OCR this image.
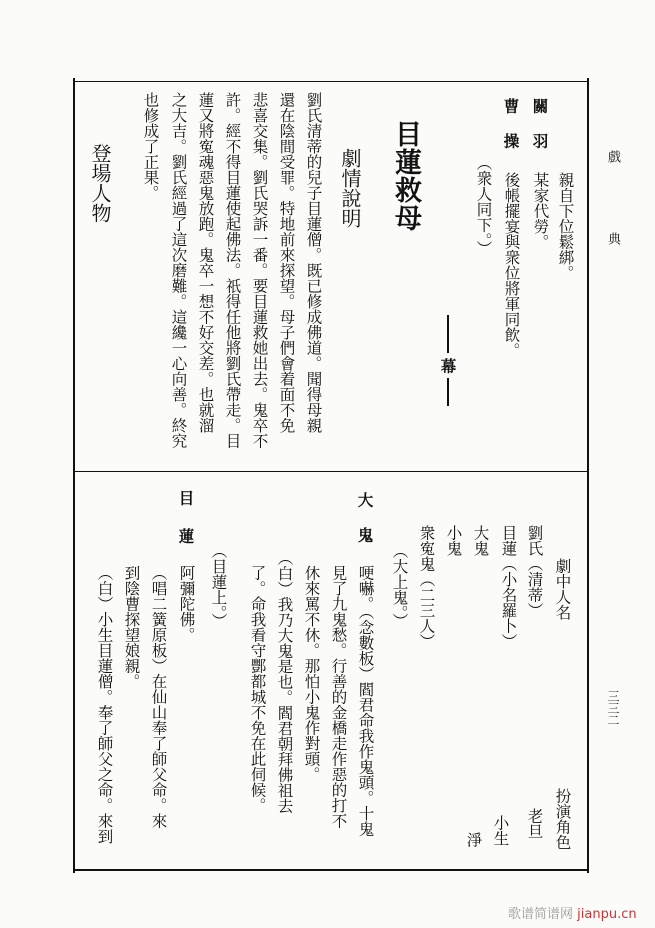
戲
典
三三二
親自下位鬆綁。
關
羽
某家代勞。
曹
操
後帳擺宴與衆位將軍同飲。
（衆人同下。）
幕
目蓮救母
劇情說明
劉氏清蒂的兒子目蓮僧。既已修成佛道。聞得母親
還在陰間受罪。特地前來探望。母子們會着面不免
悲喜交集。劉氏哭訴一番。要目蓮救她出去。鬼卒不
許。經不得目蓮使起佛法。祇得任他將劉氏帶走。目
蓮又將寃魂惡鬼放跑。鬼卒一想不好交差。也就溜
之大吉。劉氏經過了這次磨難。這纔一心向善。終究
也修成了正果。
登場人物
劇中人名
扮演角色
劉氏（清蒂）
老旦
目蓮（小名羅卜）
小生
大鬼
淨
小鬼
衆寃鬼（二三人）
（大上鬼。）
大
鬼
哽嚇。（念數板）閻君命我作鬼頭。十鬼
見了九鬼愁。行善的金橋走作惡的打不
休來罵不休。那怕小鬼作對頭。
（白）我乃大鬼是也。閻君朝拜佛祖去
了。命我看守酆都城不免在此伺候。
（目蓮上。）
目
蓮
阿彌陀佛。
（唱二簧原板）在仙山奉了師父命。來
到陰曹探望娘親。
（白）小生目蓮僧。奉了師父之命。來到
歌谱简谱网 jianpu.cn
